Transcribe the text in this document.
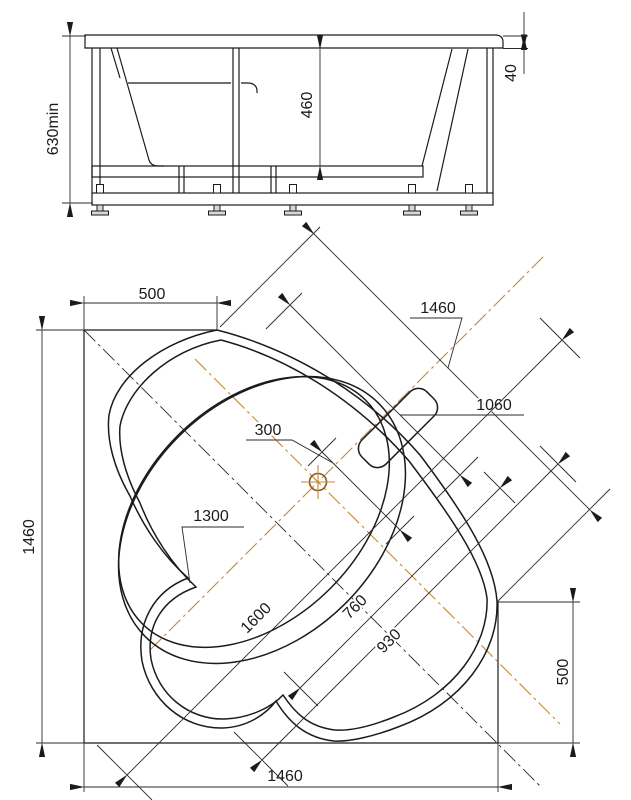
630min	460
40
500
1460
1460
500
1460
1060
300
1300
1600	760
930
